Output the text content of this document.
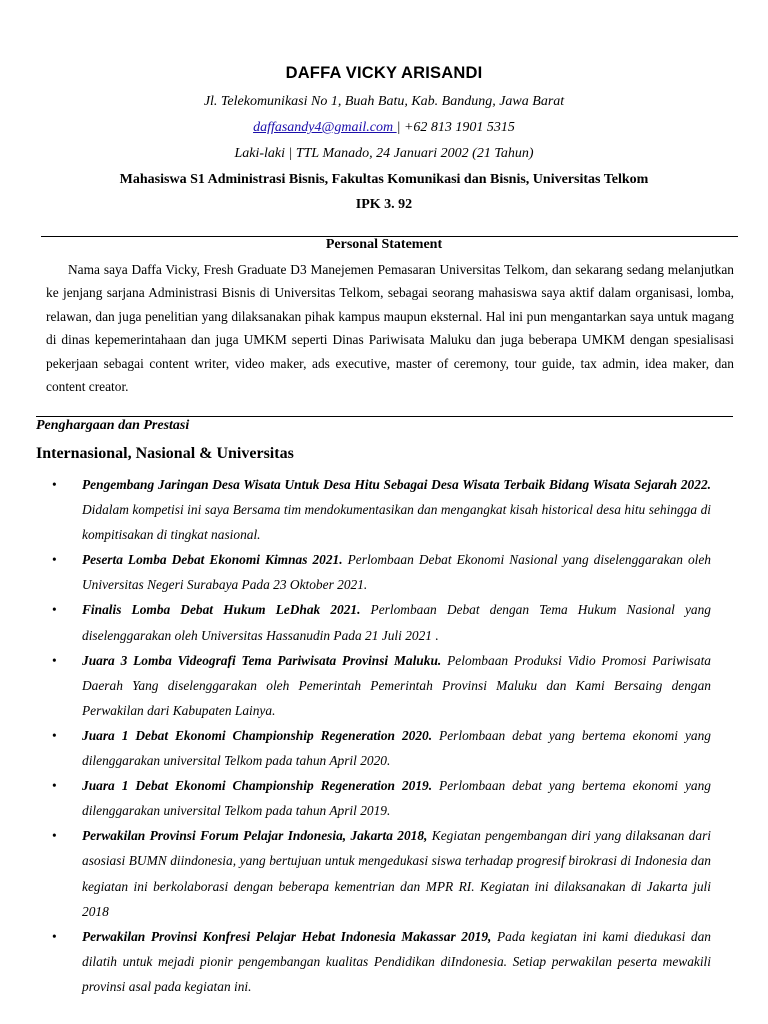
DAFFA VICKY ARISANDI
Jl. Telekomunikasi No 1, Buah Batu, Kab. Bandung, Jawa Barat
daffasandy4@gmail.com | +62 813 1901 5315
Laki-laki | TTL Manado, 24 Januari 2002 (21 Tahun)
Mahasiswa S1 Administrasi Bisnis, Fakultas Komunikasi dan Bisnis, Universitas Telkom
IPK 3. 92
Personal Statement
Nama saya Daffa Vicky, Fresh Graduate D3 Manejemen Pemasaran Universitas Telkom, dan sekarang sedang melanjutkan ke jenjang sarjana Administrasi Bisnis di Universitas Telkom, sebagai seorang mahasiswa saya aktif dalam organisasi, lomba, relawan, dan juga penelitian yang dilaksanakan pihak kampus maupun eksternal. Hal ini pun mengantarkan saya untuk magang di dinas kepemerintahaan dan juga UMKM seperti Dinas Pariwisata Maluku dan juga beberapa UMKM dengan spesialisasi pekerjaan sebagai content writer, video maker, ads executive, master of ceremony, tour guide, tax admin, idea maker, dan content creator.
Penghargaan dan Prestasi
Internasional, Nasional & Universitas
• Pengembang Jaringan Desa Wisata Untuk Desa Hitu Sebagai Desa Wisata Terbaik Bidang Wisata Sejarah 2022. Didalam kompetisi ini saya Bersama tim mendokumentasikan dan mengangkat kisah historical desa hitu sehingga di kompitisakan di tingkat nasional.
• Peserta Lomba Debat Ekonomi Kimnas 2021. Perlombaan Debat Ekonomi Nasional yang diselenggarakan oleh Universitas Negeri Surabaya Pada 23 Oktober 2021.
• Finalis Lomba Debat Hukum LeDhak 2021. Perlombaan Debat dengan Tema Hukum Nasional yang diselenggarakan oleh Universitas Hassanudin Pada 21 Juli 2021 .
• Juara 3 Lomba Videografi Tema Pariwisata Provinsi Maluku. Pelombaan Produksi Vidio Promosi Pariwisata Daerah Yang diselenggarakan oleh Pemerintah Pemerintah Provinsi Maluku dan Kami Bersaing dengan Perwakilan dari Kabupaten Lainya.
• Juara 1 Debat Ekonomi Championship Regeneration 2020. Perlombaan debat yang bertema ekonomi yang dilenggarakan universital Telkom pada tahun April 2020.
• Juara 1 Debat Ekonomi Championship Regeneration 2019. Perlombaan debat yang bertema ekonomi yang dilenggarakan universital Telkom pada tahun April 2019.
• Perwakilan Provinsi Forum Pelajar Indonesia, Jakarta 2018, Kegiatan pengembangan diri yang dilaksanan dari asosiasi BUMN diindonesia, yang bertujuan untuk mengedukasi siswa terhadap progresif birokrasi di Indonesia dan kegiatan ini berkolaborasi dengan beberapa kementrian dan MPR RI. Kegiatan ini dilaksanakan di Jakarta juli 2018
• Perwakilan Provinsi Konfresi Pelajar Hebat Indonesia Makassar 2019, Pada kegiatan ini kami diedukasi dan dilatih untuk mejadi pionir pengembangan kualitas Pendidikan diIndonesia. Setiap perwakilan peserta mewakili provinsi asal pada kegiatan ini.
